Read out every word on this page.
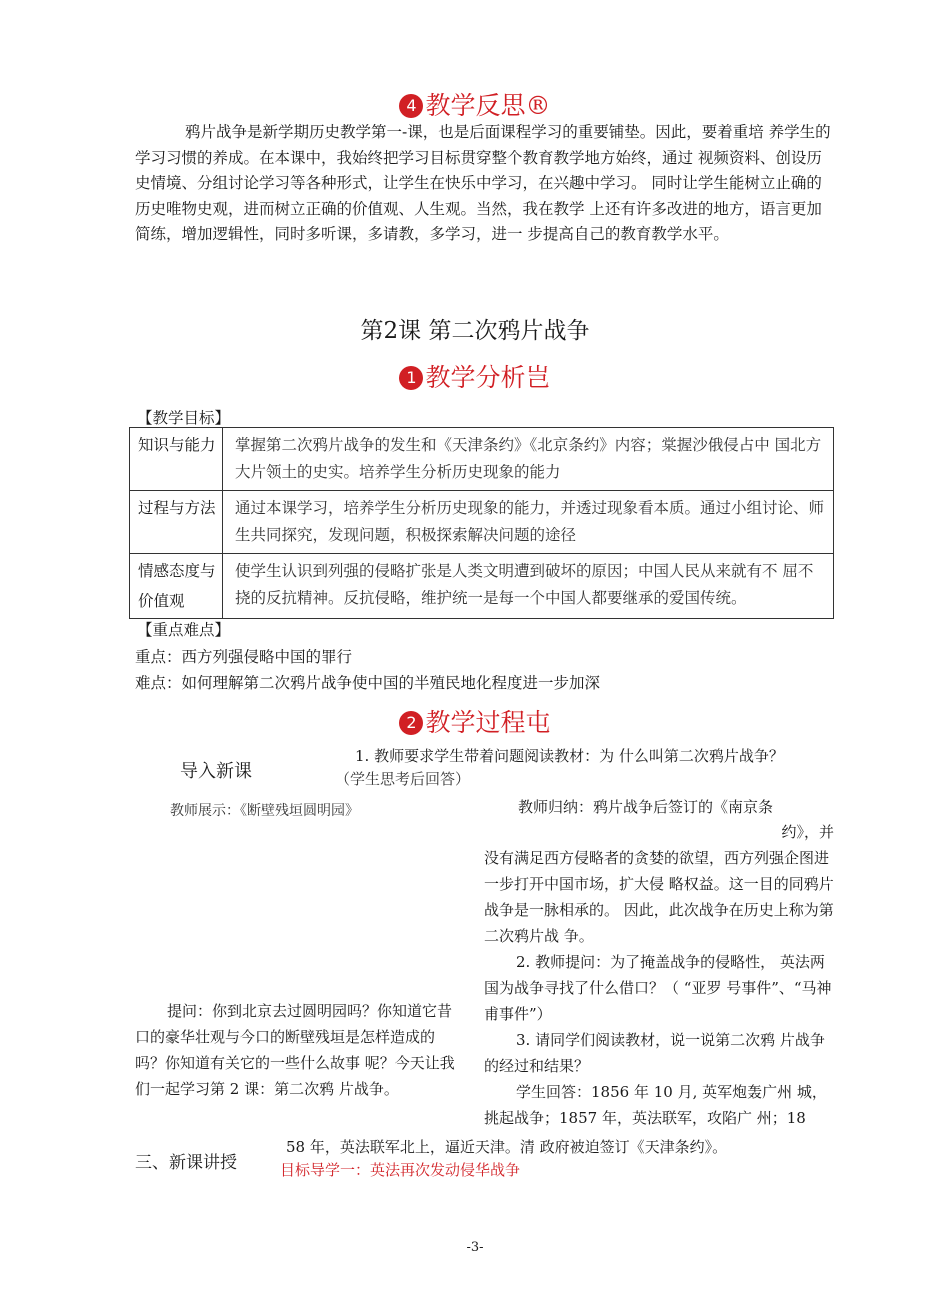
4 教学反思®
鸦片战争是新学期历史教学第一-课，也是后面课程学习的重要铺垫。因此，要着重培 养学生的学习习惯的养成。在本课中，我始终把学习目标贯穿整个教育教学地方始终，通过 视频资料、创设历史情境、分组讨论学习等各种形式，让学生在快乐中学习，在兴趣中学习。 同时让学生能树立止确的历史唯物史观，进而树立正确的价值观、人生观。当然，我在教学 上还有许多改进的地方，语言更加简练，增加逻辑性，同时多听课，多请教，多学习，进一 步提高自己的教育教学水平。
第2课 第二次鸦片战争
1 教学分析岂
【教学目标】
知识与能力	掌握第二次鸦片战争的发生和《天津条约》《北京条约》内容；棠握沙俄侵占中 国北方大片领土的史实。培养学生分析历史现象的能力
过程与方法	通过本课学习，培养学生分析历史现象的能力，并透过现象看本质。通过小组讨论、师生共同探究，发现问题，积极探索解决问题的途径
情感态度与价值观	使学生认识到列强的侵略扩张是人类文明遭到破坏的原因；中国人民从来就有不 屈不挠的反抗精神。反抗侵略，维护统一是每一个中国人都要继承的爱国传统。
【重点难点】
重点：西方列强侵略中国的罪行
难点：如何理解第二次鸦片战争使中国的半殖民地化程度进一步加深
2 教学过程屯
导入新课
1. 教师要求学生带着问题阅读教材：为 什么叫第二次鸦片战争？
（学生思考后回答）
教师展示：《断壁残垣圆明园》	教师归纳：鸦片战争后签订的《南京条
约》，并
没有满足西方侵略者的贪婪的欲望，西方列强企图进一步打开中国市场，扩大侵 略权益。这一目的同鸦片战争是一脉相承的。 因此，此次战争在历史上称为第二次鸦片战 争。
2. 教师提问：为了掩盖战争的侵略性， 英法两国为战争寻找了什么借口？（ “亚罗 号事件”、“马神甫事件”）
3. 请同学们阅读教材，说一说第二次鸦 片战争的经过和结果？
学生回答：1856 年 10 月, 英军炮轰广州 城，挑起战争；1857 年，英法联军，攻陷广 州；18
提问：你到北京去过圆明园吗？你知道它昔口的豪华壮观与今口的断壁残垣是怎样造成的吗？你知道有关它的一些什么故事 呢？今天让我们一起学习第 2 课：第二次鸦 片战争。
58 年，英法联军北上，逼近天津。清 政府被迫签订《天津条约》。
三、新课讲授	目标导学一：英法再次发动侵华战争
-3-
